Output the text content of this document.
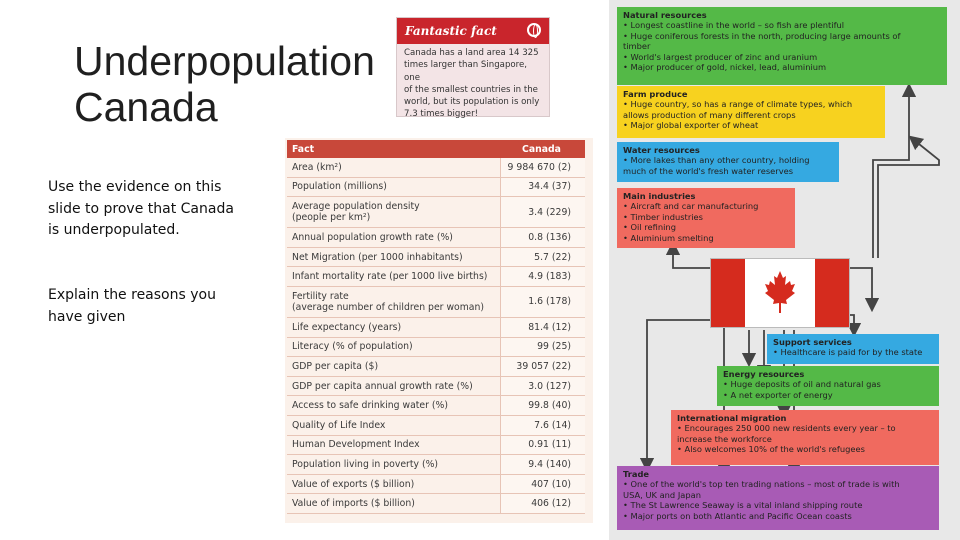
Underpopulation
Canada
Use the evidence on this slide to prove that Canada is underpopulated.
Explain the reasons you have given
Fantastic fact
Canada has a land area 14 325
times larger than Singapore, one
of the smallest countries in the
world, but its population is only
7.3 times bigger!
Fact	Canada

Area (km²)	9 984 670 (2)

Population (millions)	34.4 (37)

Average population density
(people per km²)	3.4 (229)

Annual population growth rate (%)	0.8 (136)

Net Migration (per 1000 inhabitants)	5.7 (22)

Infant mortality rate (per 1000 live births)	4.9 (183)

Fertility rate
(average number of children per woman)	1.6 (178)

Life expectancy (years)	81.4 (12)

Literacy (% of population)	99 (25)

GDP per capita ($)	39 057 (22)

GDP per capita annual growth rate (%)	3.0 (127)

Access to safe drinking water (%)	99.8 (40)

Quality of Life Index	7.6 (14)

Human Development Index	0.91 (11)

Population living in poverty (%)	9.4 (140)

Value of exports ($ billion)	407 (10)

Value of imports ($ billion)	406 (12)
Natural resources
• Longest coastline in the world – so fish are plentiful
• Huge coniferous forests in the north, producing large amounts of
timber
• World's largest producer of zinc and uranium
• Major producer of gold, nickel, lead, aluminium
Farm produce
• Huge country, so has a range of climate types, which
allows production of many different crops
• Major global exporter of wheat
Water resources
• More lakes than any other country, holding
much of the world's fresh water reserves
Main industries
• Aircraft and car manufacturing
• Timber industries
• Oil refining
• Aluminium smelting
Support services
• Healthcare is paid for by the state
Energy resources
• Huge deposits of oil and natural gas
• A net exporter of energy
International migration
• Encourages 250 000 new residents every year – to
increase the workforce
• Also welcomes 10% of the world's refugees
Trade
• One of the world's top ten trading nations – most of trade is with
USA, UK and Japan
• The St Lawrence Seaway is a vital inland shipping route
• Major ports on both Atlantic and Pacific Ocean coasts
